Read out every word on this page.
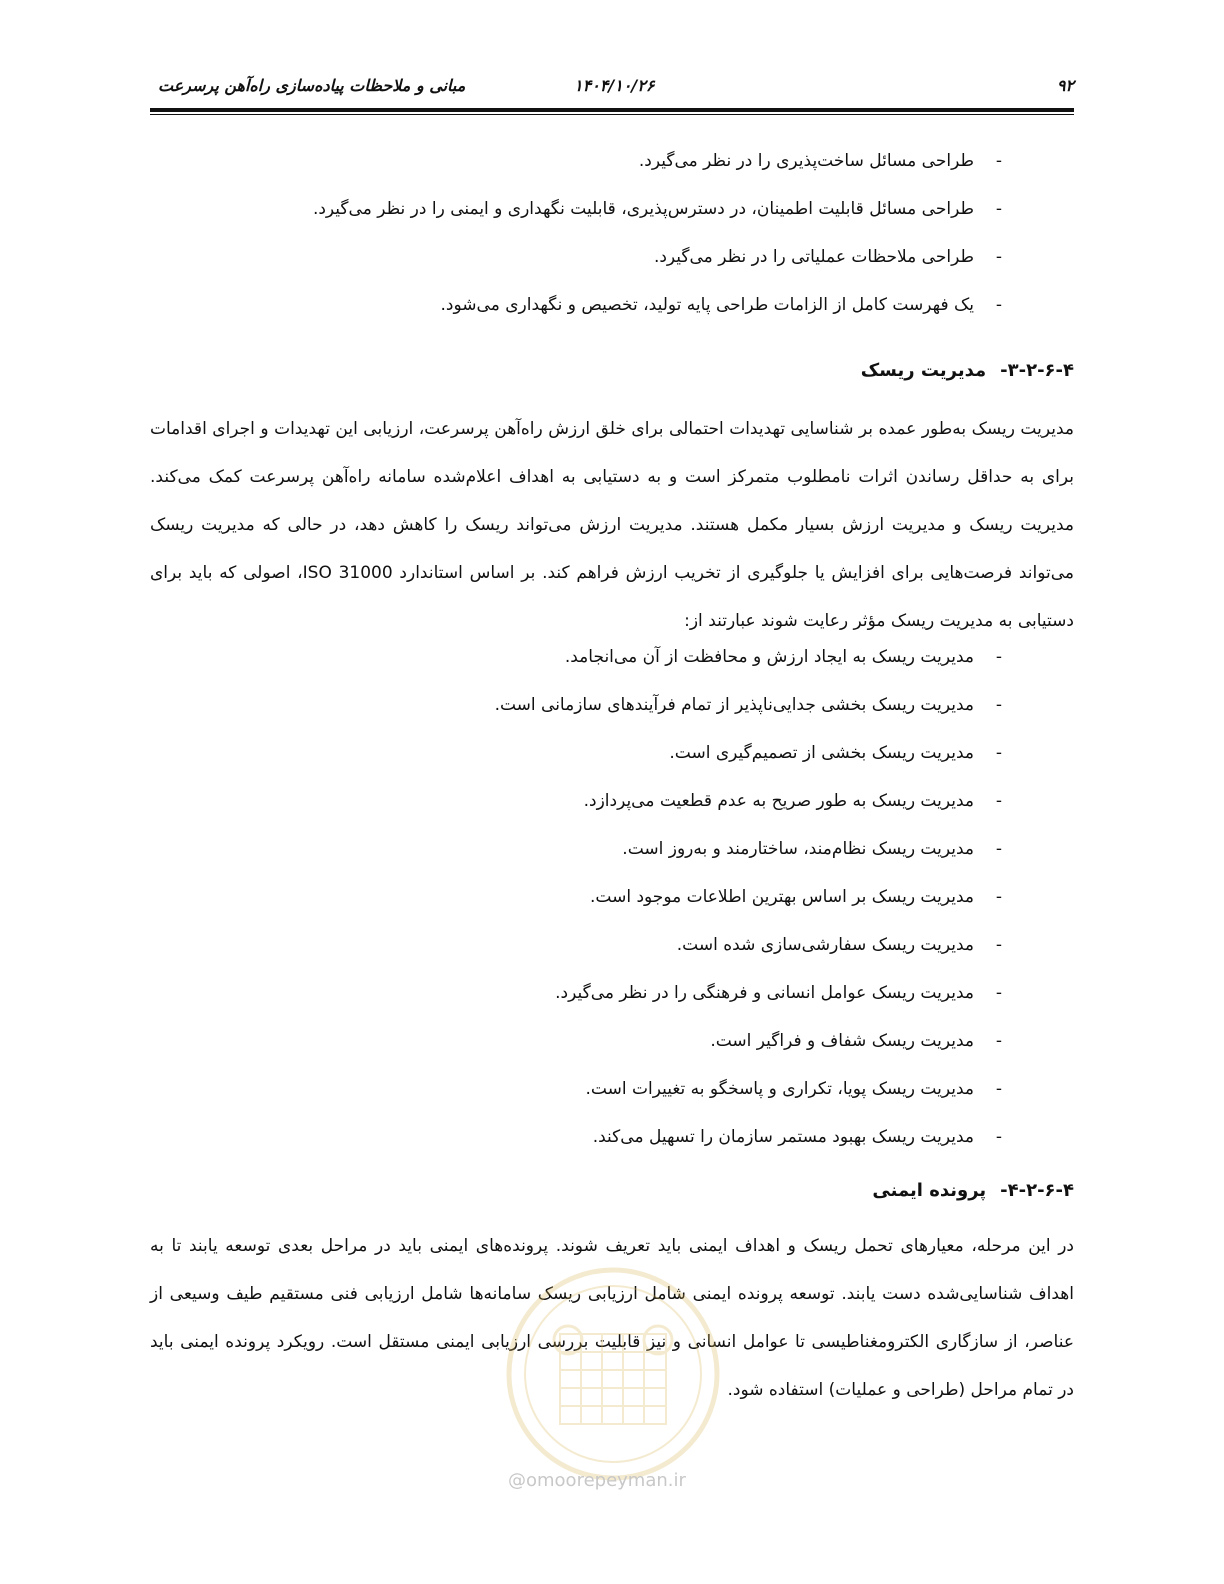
۹۲
۱۴۰۴/۱۰/۲۶
مبانی و ملاحظات پیاده‌سازی راه‌آهن پرسرعت
-
طراحی مسائل ساخت‌پذیری را در نظر می‌گیرد.
-
طراحی مسائل قابلیت اطمینان، در دسترس‌پذیری، قابلیت نگهداری و ایمنی را در نظر می‌گیرد.
-
طراحی ملاحظات عملیاتی را در نظر می‌گیرد.
-
یک فهرست کامل از الزامات طراحی پایه تولید، تخصیص و نگهداری می‌شود.
۳-۲-۶-۴-مدیریت ریسک

مدیریت ریسک به‌طور عمده بر شناسایی تهدیدات احتمالی برای خلق ارزش راه‌آهن پرسرعت، ارزیابی این تهدیدات و اجرای اقدامات برای به حداقل رساندن اثرات نامطلوب متمرکز است و به دستیابی به اهداف اعلام‌شده سامانه راه‌آهن پرسرعت کمک می‌کند. مدیریت ریسک و مدیریت ارزش بسیار مکمل هستند. مدیریت ارزش می‌تواند ریسک را کاهش دهد، در حالی که مدیریت ریسک می‌تواند فرصت‌هایی برای افزایش یا جلوگیری از تخریب ارزش فراهم کند. بر اساس استاندارد ISO 31000، اصولی که باید برای دستیابی به مدیریت ریسک مؤثر رعایت شوند عبارتند از:

-
مدیریت ریسک به ایجاد ارزش و محافظت از آن می‌انجامد.
-
مدیریت ریسک بخشی جدایی‌ناپذیر از تمام فرآیندهای سازمانی است.
-
مدیریت ریسک بخشی از تصمیم‌گیری است.
-
مدیریت ریسک به طور صریح به عدم قطعیت می‌پردازد.
-
مدیریت ریسک نظام‌مند، ساختارمند و به‌روز است.
-
مدیریت ریسک بر اساس بهترین اطلاعات موجود است.
-
مدیریت ریسک سفارشی‌سازی شده است.
-
مدیریت ریسک عوامل انسانی و فرهنگی را در نظر می‌گیرد.
-
مدیریت ریسک شفاف و فراگیر است.
-
مدیریت ریسک پویا، تکراری و پاسخگو به تغییرات است.
-
مدیریت ریسک بهبود مستمر سازمان را تسهیل می‌کند.
۴-۲-۶-۴-پرونده ایمنی

در این مرحله، معیارهای تحمل ریسک و اهداف ایمنی باید تعریف شوند. پرونده‌های ایمنی باید در مراحل بعدی توسعه یابند تا به اهداف شناسایی‌شده دست یابند. توسعه پرونده ایمنی شامل ارزیابی ریسک سامانه‌ها شامل ارزیابی فنی مستقیم طیف وسیعی از عناصر، از سازگاری الکترومغناطیسی تا عوامل انسانی و نیز قابلیت بررسی ارزیابی ایمنی مستقل است. رویکرد پرونده ایمنی باید در تمام مراحل (طراحی و عملیات) استفاده شود.

@omoorepeyman.ir
